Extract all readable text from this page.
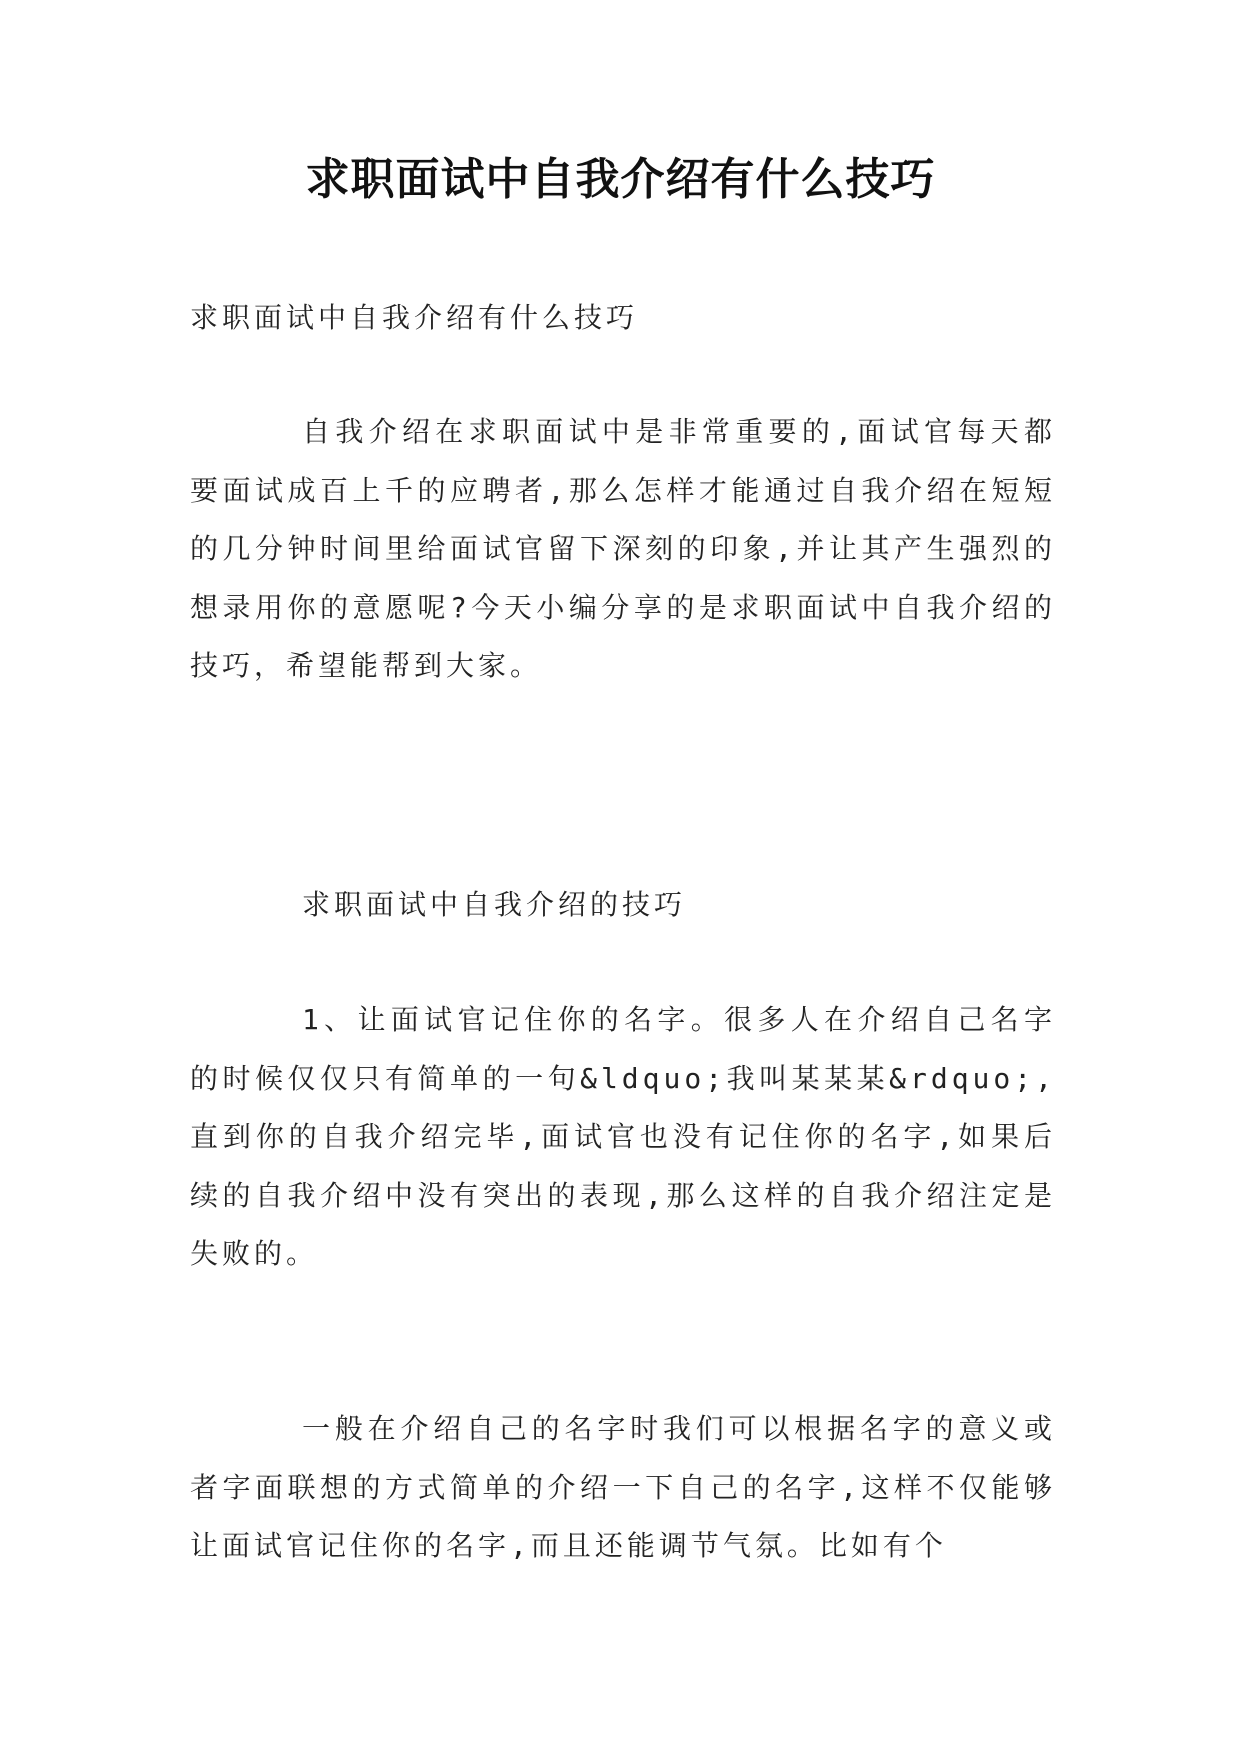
求职面试中自我介绍有什么技巧
求职面试中自我介绍有什么技巧
自我介绍在求职面试中是非常重要的,面试官每天都要面试成百上千的应聘者,那么怎样才能通过自我介绍在短短的几分钟时间里给面试官留下深刻的印象,并让其产生强烈的想录用你的意愿呢?今天小编分享的是求职面试中自我介绍的技巧，希望能帮到大家。
求职面试中自我介绍的技巧
1、让面试官记住你的名字。很多人在介绍自己名字的时候仅仅只有简单的一句&ldquo;我叫某某某&rdquo;,直到你的自我介绍完毕,面试官也没有记住你的名字,如果后续的自我介绍中没有突出的表现,那么这样的自我介绍注定是失败的。
一般在介绍自己的名字时我们可以根据名字的意义或者字面联想的方式简单的介绍一下自己的名字,这样不仅能够让面试官记住你的名字,而且还能调节气氛。比如有个
